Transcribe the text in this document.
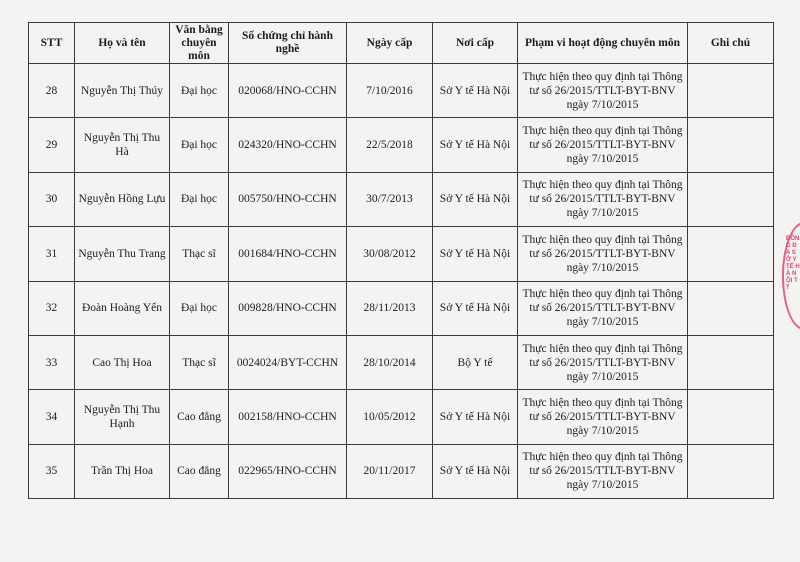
STT	Họ và tên	Văn bằng chuyên môn	Số chứng chỉ hành nghề	Ngày cấp	Nơi cấp	Phạm vi hoạt động chuyên môn	Ghi chú
28	Nguyễn Thị Thúy	Đại học	020068/HNO-CCHN	7/10/2016	Sở Y tế Hà Nội	Thực hiện theo quy định tại Thông tư số 26/2015/TTLT-BYT-BNV ngày 7/10/2015	
29	Nguyễn Thị Thu Hà	Đại học	024320/HNO-CCHN	22/5/2018	Sở Y tế Hà Nội	Thực hiện theo quy định tại Thông tư số 26/2015/TTLT-BYT-BNV ngày 7/10/2015	
30	Nguyễn Hồng Lựu	Đại học	005750/HNO-CCHN	30/7/2013	Sở Y tế Hà Nội	Thực hiện theo quy định tại Thông tư số 26/2015/TTLT-BYT-BNV ngày 7/10/2015	
31	Nguyễn Thu Trang	Thạc sĩ	001684/HNO-CCHN	30/08/2012	Sở Y tế Hà Nội	Thực hiện theo quy định tại Thông tư số 26/2015/TTLT-BYT-BNV ngày 7/10/2015	
32	Đoàn Hoàng Yến	Đại học	009828/HNO-CCHN	28/11/2013	Sở Y tế Hà Nội	Thực hiện theo quy định tại Thông tư số 26/2015/TTLT-BYT-BNV ngày 7/10/2015	
33	Cao Thị Hoa	Thạc sĩ	0024024/BYT-CCHN	28/10/2014	Bộ Y tế	Thực hiện theo quy định tại Thông tư số 26/2015/TTLT-BYT-BNV ngày 7/10/2015	
34	Nguyễn Thị Thu Hạnh	Cao đẳng	002158/HNO-CCHN	10/05/2012	Sở Y tế Hà Nội	Thực hiện theo quy định tại Thông tư số 26/2015/TTLT-BYT-BNV ngày 7/10/2015	
35	Trần Thị Hoa	Cao đẳng	022965/HNO-CCHN	20/11/2017	Sở Y tế Hà Nội	Thực hiện theo quy định tại Thông tư số 26/2015/TTLT-BYT-BNV ngày 7/10/2015	
ĐÔNG ĐA SỞ Y TẾ HÀ NỘI TT
